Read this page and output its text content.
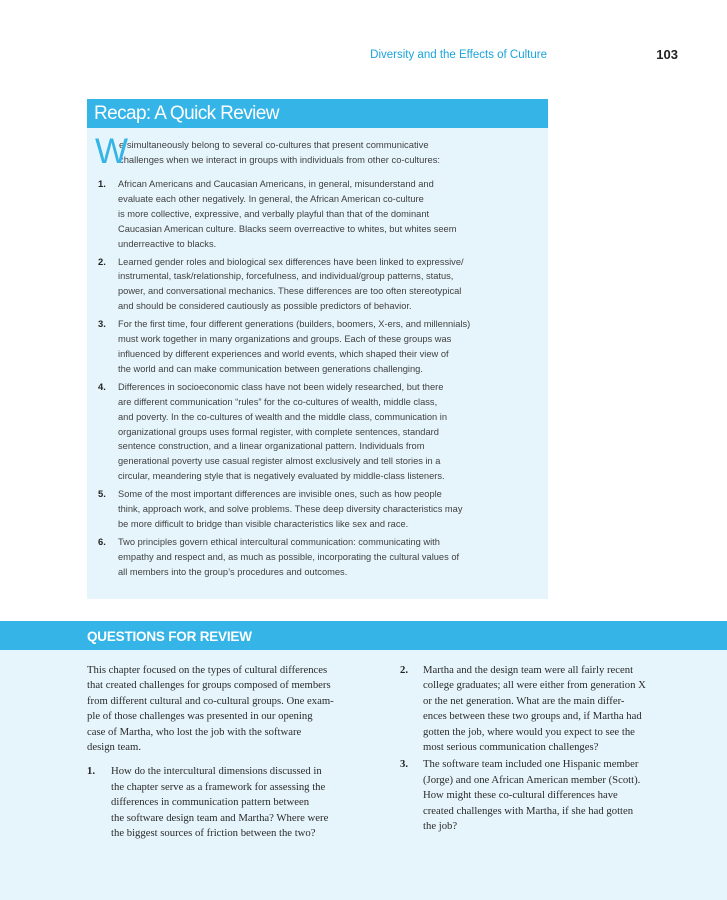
Diversity and the Effects of Culture	103
Recap: A Quick Review
W
e simultaneously belong to several co-cultures that present communicative
challenges when we interact in groups with individuals from other co-cultures:
1. African Americans and Caucasian Americans, in general, misunderstand and
evaluate each other negatively. In general, the African American co-culture
is more collective, expressive, and verbally playful than that of the dominant
Caucasian American culture. Blacks seem overreactive to whites, but whites seem
underreactive to blacks.
2. Learned gender roles and biological sex differences have been linked to expressive/
instrumental, task/relationship, forcefulness, and individual/group patterns, status,
power, and conversational mechanics. These differences are too often stereotypical
and should be considered cautiously as possible predictors of behavior.
3. For the first time, four different generations (builders, boomers, X-ers, and millennials)
must work together in many organizations and groups. Each of these groups was
influenced by different experiences and world events, which shaped their view of
the world and can make communication between generations challenging.
4. Differences in socioeconomic class have not been widely researched, but there
are different communication “rules” for the co-cultures of wealth, middle class,
and poverty. In the co-cultures of wealth and the middle class, communication in
organizational groups uses formal register, with complete sentences, standard
sentence construction, and a linear organizational pattern. Individuals from
generational poverty use casual register almost exclusively and tell stories in a
circular, meandering style that is negatively evaluated by middle-class listeners.
5. Some of the most important differences are invisible ones, such as how people
think, approach work, and solve problems. These deep diversity characteristics may
be more difficult to bridge than visible characteristics like sex and race.
6. Two principles govern ethical intercultural communication: communicating with
empathy and respect and, as much as possible, incorporating the cultural values of
all members into the group’s procedures and outcomes.
QUESTIONS FOR REVIEW
This chapter focused on the types of cultural differences
that created challenges for groups composed of members
from different cultural and co-cultural groups. One exam-
ple of those challenges was presented in our opening
case of Martha, who lost the job with the software
design team.
1. How do the intercultural dimensions discussed in
the chapter serve as a framework for assessing the
differences in communication pattern between
the software design team and Martha? Where were
the biggest sources of friction between the two?
2. Martha and the design team were all fairly recent
college graduates; all were either from generation X
or the net generation. What are the main differ-
ences between these two groups and, if Martha had
gotten the job, where would you expect to see the
most serious communication challenges?
3. The software team included one Hispanic member
(Jorge) and one African American member (Scott).
How might these co-cultural differences have
created challenges with Martha, if she had gotten
the job?
